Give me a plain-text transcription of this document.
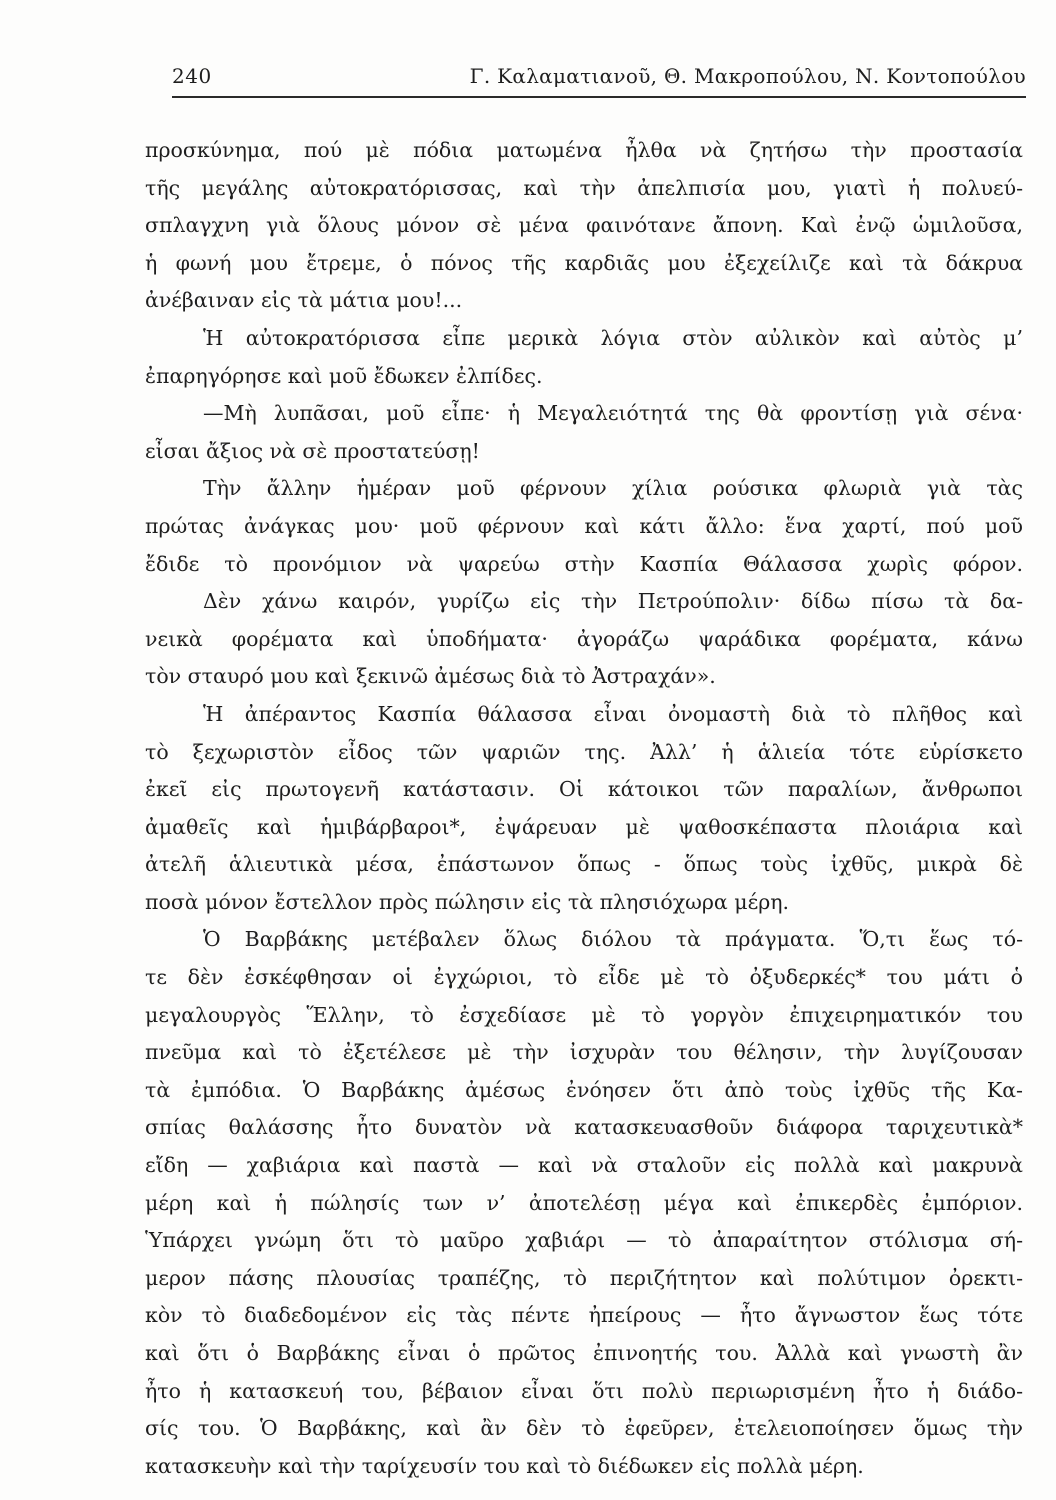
240	Γ. Καλαματιανοῦ, Θ. Μακροπούλου, Ν. Κοντοπούλου
προσκύνημα, πού μὲ πόδια ματωμένα ἦλθα νὰ ζητήσω τὴν προστασία
τῆς μεγάλης αὐτοκρατόρισσας, καὶ τὴν ἀπελπισία μου, γιατὶ ἡ πολυεύ-
σπλαγχνη γιὰ ὅλους μόνον σὲ μένα φαινότανε ἄπονη. Καὶ ἐνῷ ὡμιλοῦσα,
ἡ φωνή μου ἔτρεμε, ὁ πόνος τῆς καρδιᾶς μου ἐξεχείλιζε καὶ τὰ δάκρυα
ἀνέβαιναν εἰς τὰ μάτια μου!...
Ἡ αὐτοκρατόρισσα εἶπε μερικὰ λόγια στὸν αὐλικὸν καὶ αὐτὸς μ’
ἐπαρηγόρησε καὶ μοῦ ἔδωκεν ἐλπίδες.
—Μὴ λυπᾶσαι, μοῦ εἶπε· ἡ Μεγαλειότητά της θὰ φροντίσῃ γιὰ σένα·
εἶσαι ἄξιος νὰ σὲ προστατεύσῃ!
Τὴν ἄλλην ἡμέραν μοῦ φέρνουν χίλια ρούσικα φλωριὰ γιὰ τὰς
πρώτας ἀνάγκας μου· μοῦ φέρνουν καὶ κάτι ἄλλο: ἕνα χαρτί, πού μοῦ
ἔδιδε τὸ προνόμιον νὰ ψαρεύω στὴν Κασπία Θάλασσα χωρὶς φόρον.
Δὲν χάνω καιρόν, γυρίζω εἰς τὴν Πετρούπολιν· δίδω πίσω τὰ δα-
νεικὰ φορέματα καὶ ὑποδήματα· ἀγοράζω ψαράδικα φορέματα, κάνω
τὸν σταυρό μου καὶ ξεκινῶ ἀμέσως διὰ τὸ Ἀστραχάν».
Ἡ ἀπέραντος Κασπία θάλασσα εἶναι ὀνομαστὴ διὰ τὸ πλῆθος καὶ
τὸ ξεχωριστὸν εἶδος τῶν ψαριῶν της. Ἀλλ’ ἡ ἁλιεία τότε εὑρίσκετο
ἐκεῖ εἰς πρωτογενῆ κατάστασιν. Οἱ κάτοικοι τῶν παραλίων, ἄνθρωποι
ἀμαθεῖς καὶ ἡμιβάρβαροι*, ἐψάρευαν μὲ ψαθοσκέπαστα πλοιάρια καὶ
ἀτελῆ ἁλιευτικὰ μέσα, ἐπάστωνον ὅπως - ὅπως τοὺς ἰχθῦς, μικρὰ δὲ
ποσὰ μόνον ἔστελλον πρὸς πώλησιν εἰς τὰ πλησιόχωρα μέρη.
Ὁ Βαρβάκης μετέβαλεν ὅλως διόλου τὰ πράγματα. Ὅ,τι ἕως τό-
τε δὲν ἐσκέφθησαν οἱ ἐγχώριοι, τὸ εἶδε μὲ τὸ ὀξυδερκές* του μάτι ὁ
μεγαλουργὸς Ἕλλην, τὸ ἐσχεδίασε μὲ τὸ γοργὸν ἐπιχειρηματικόν του
πνεῦμα καὶ τὸ ἐξετέλεσε μὲ τὴν ἰσχυρὰν του θέλησιν, τὴν λυγίζουσαν
τὰ ἐμπόδια. Ὁ Βαρβάκης ἀμέσως ἐνόησεν ὅτι ἀπὸ τοὺς ἰχθῦς τῆς Κα-
σπίας θαλάσσης ἦτο δυνατὸν νὰ κατασκευασθοῦν διάφορα ταριχευτικὰ*
εἴδη — χαβιάρια καὶ παστὰ — καὶ νὰ σταλοῦν εἰς πολλὰ καὶ μακρυνὰ
μέρη καὶ ἡ πώλησίς των ν’ ἀποτελέσῃ μέγα καὶ ἐπικερδὲς ἐμπόριον.
Ὑπάρχει γνώμη ὅτι τὸ μαῦρο χαβιάρι — τὸ ἀπαραίτητον στόλισμα σή-
μερον πάσης πλουσίας τραπέζης, τὸ περιζήτητον καὶ πολύτιμον ὀρεκτι-
κὸν τὸ διαδεδομένον εἰς τὰς πέντε ἠπείρους — ἦτο ἄγνωστον ἕως τότε
καὶ ὅτι ὁ Βαρβάκης εἶναι ὁ πρῶτος ἐπινοητής του. Ἀλλὰ καὶ γνωστὴ ἂν
ἦτο ἡ κατασκευή του, βέβαιον εἶναι ὅτι πολὺ περιωρισμένη ἦτο ἡ διάδο-
σίς του. Ὁ Βαρβάκης, καὶ ἂν δὲν τὸ ἐφεῦρεν, ἐτελειοποίησεν ὅμως τὴν
κατασκευὴν καὶ τὴν ταρίχευσίν του καὶ τὸ διέδωκεν εἰς πολλὰ μέρη.
